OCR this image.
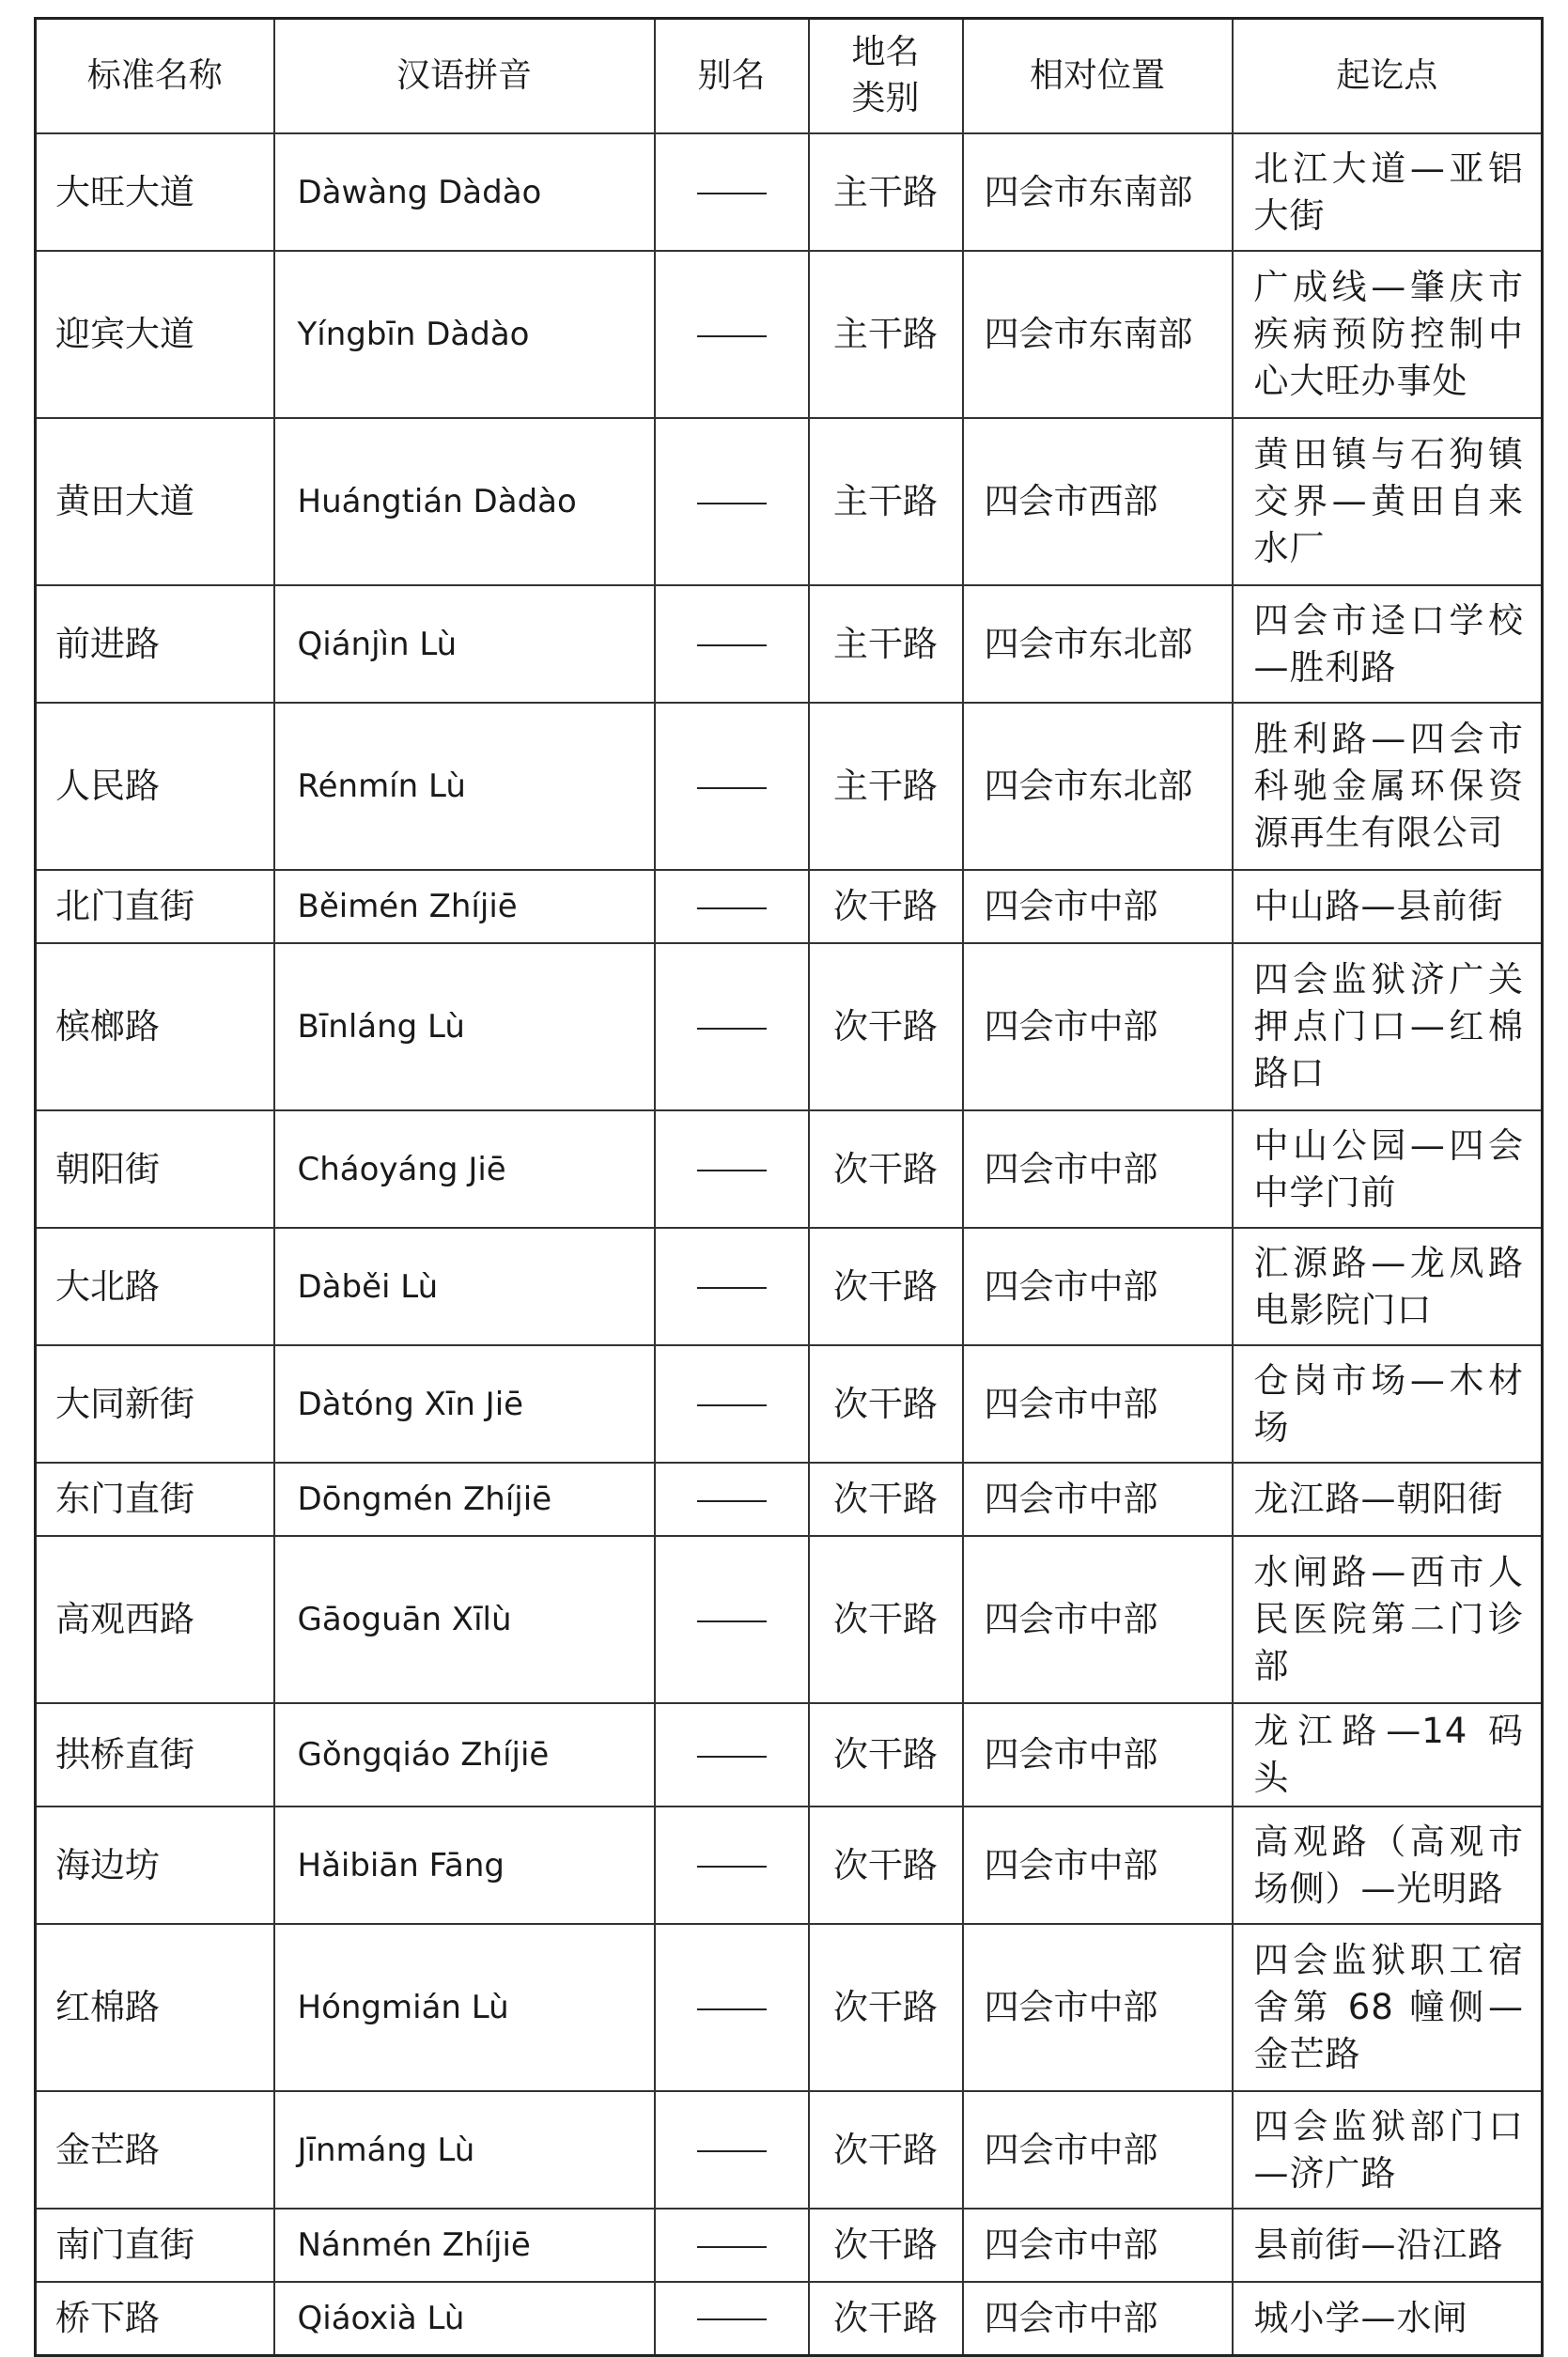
标准名称	汉语拼音	别名	地名类别	相对位置	起讫点
大旺大道	Dàwàng Dàdào		主干路	四会市东南部	北江大道—亚铝大街
迎宾大道	Yíngbīn Dàdào		主干路	四会市东南部	广成线—肇庆市疾病预防控制中心大旺办事处
黄田大道	Huángtián Dàdào		主干路	四会市西部	黄田镇与石狗镇交界—黄田自来水厂
前进路	Qiánjìn Lù		主干路	四会市东北部	四会市迳口学校—胜利路
人民路	Rénmín Lù		主干路	四会市东北部	胜利路—四会市科驰金属环保资源再生有限公司
北门直街	Běimén Zhíjiē		次干路	四会市中部	中山路—县前街
槟榔路	Bīnláng Lù		次干路	四会市中部	四会监狱济广关押点门口—红棉路口
朝阳街	Cháoyáng Jiē		次干路	四会市中部	中山公园—四会中学门前
大北路	Dàběi Lù		次干路	四会市中部	汇源路—龙凤路电影院门口
大同新街	Dàtóng Xīn Jiē		次干路	四会市中部	仓岗市场—木材场
东门直街	Dōngmén Zhíjiē		次干路	四会市中部	龙江路—朝阳街
高观西路	Gāoguān Xīlù		次干路	四会市中部	水闸路—西市人民医院第二门诊部
拱桥直街	Gǒngqiáo Zhíjiē		次干路	四会市中部	龙江路—14 码头
海边坊	Hǎibiān Fāng		次干路	四会市中部	高观路（高观市场侧）—光明路
红棉路	Hóngmián Lù		次干路	四会市中部	四会监狱职工宿舍第 68 幢侧—金芒路
金芒路	Jīnmáng Lù		次干路	四会市中部	四会监狱部门口—济广路
南门直街	Nánmén Zhíjiē		次干路	四会市中部	县前街—沿江路
桥下路	Qiáoxià Lù		次干路	四会市中部	城小学—水闸
